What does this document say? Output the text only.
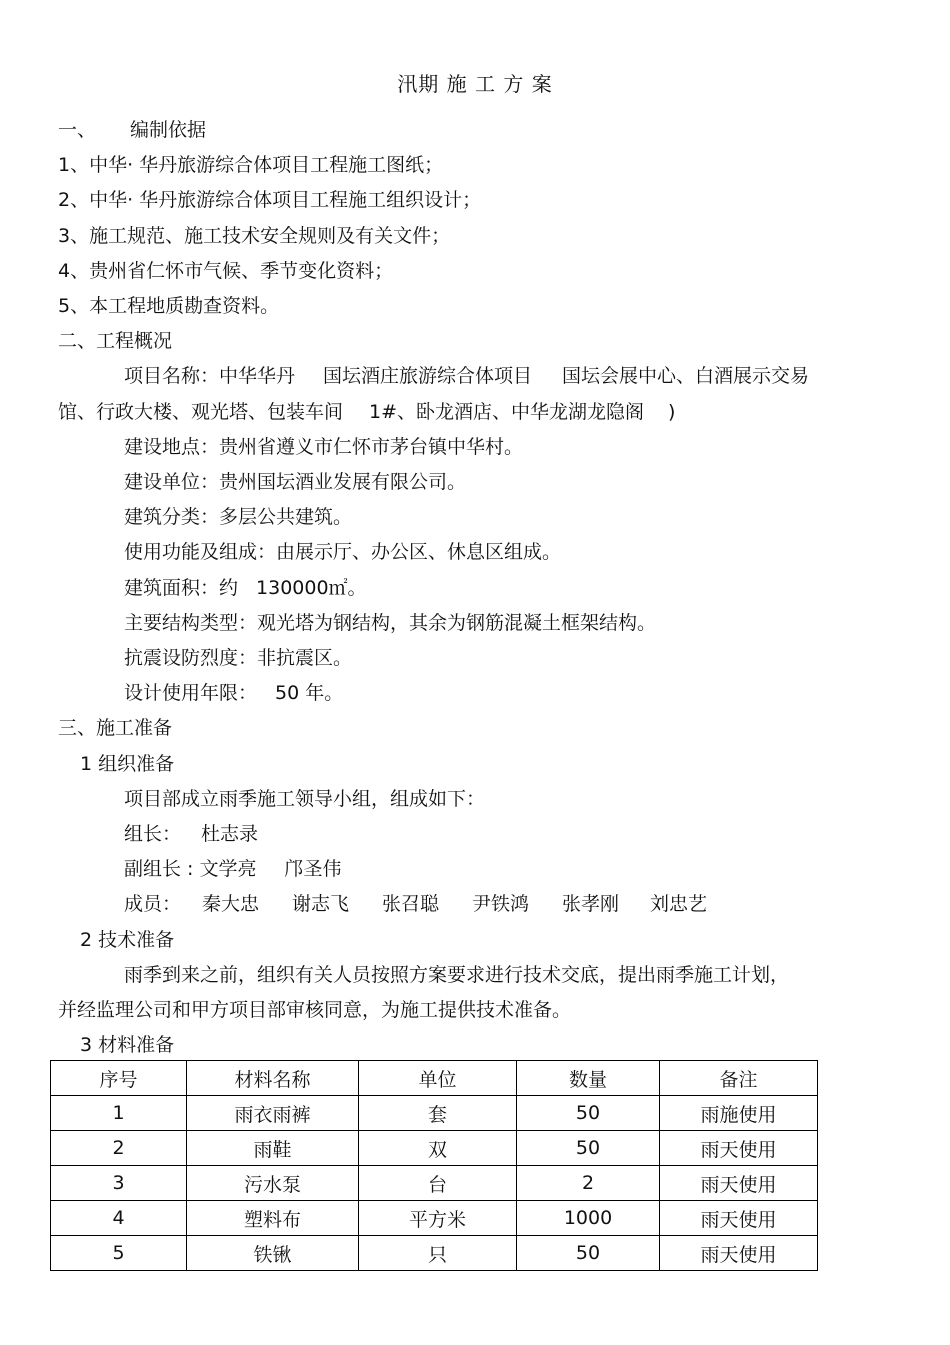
汛期 施 工 方 案
一、 编制依据
1、中华· 华丹旅游综合体项目工程施工图纸；
2、中华· 华丹旅游综合体项目工程施工组织设计；
3、施工规范、施工技术安全规则及有关文件；
4、贵州省仁怀市气候、季节变化资料；
5、本工程地质勘查资料。
二、工程概况
项目名称：中华华丹 国坛酒庄旅游综合体项目 国坛会展中心、白酒展示交易
馆、行政大楼、观光塔、包装车间 1#、卧龙酒店、中华龙湖龙隐阁 )
建设地点：贵州省遵义市仁怀市茅台镇中华村。
建设单位：贵州国坛酒业发展有限公司。
建筑分类：多层公共建筑。
使用功能及组成：由展示厅、办公区、休息区组成。
建筑面积：约 130000㎡。
主要结构类型：观光塔为钢结构，其余为钢筋混凝土框架结构。
抗震设防烈度：非抗震区。
设计使用年限： 50 年。
三、施工准备
1 组织准备
项目部成立雨季施工领导小组，组成如下：
组长： 杜志录
副组长 : 文学亮 邝圣伟
成员： 秦大忠 谢志飞 张召聪 尹铁鸿 张孝刚 刘忠艺
2 技术准备
雨季到来之前，组织有关人员按照方案要求进行技术交底，提出雨季施工计划，
并经监理公司和甲方项目部审核同意，为施工提供技术准备。
3 材料准备
序号	材料名称	单位	数量	备注
1	雨衣雨裤	套	50	雨施使用
2	雨鞋	双	50	雨天使用
3	污水泵	台	2	雨天使用
4	塑料布	平方米	1000	雨天使用
5	铁锹	只	50	雨天使用
